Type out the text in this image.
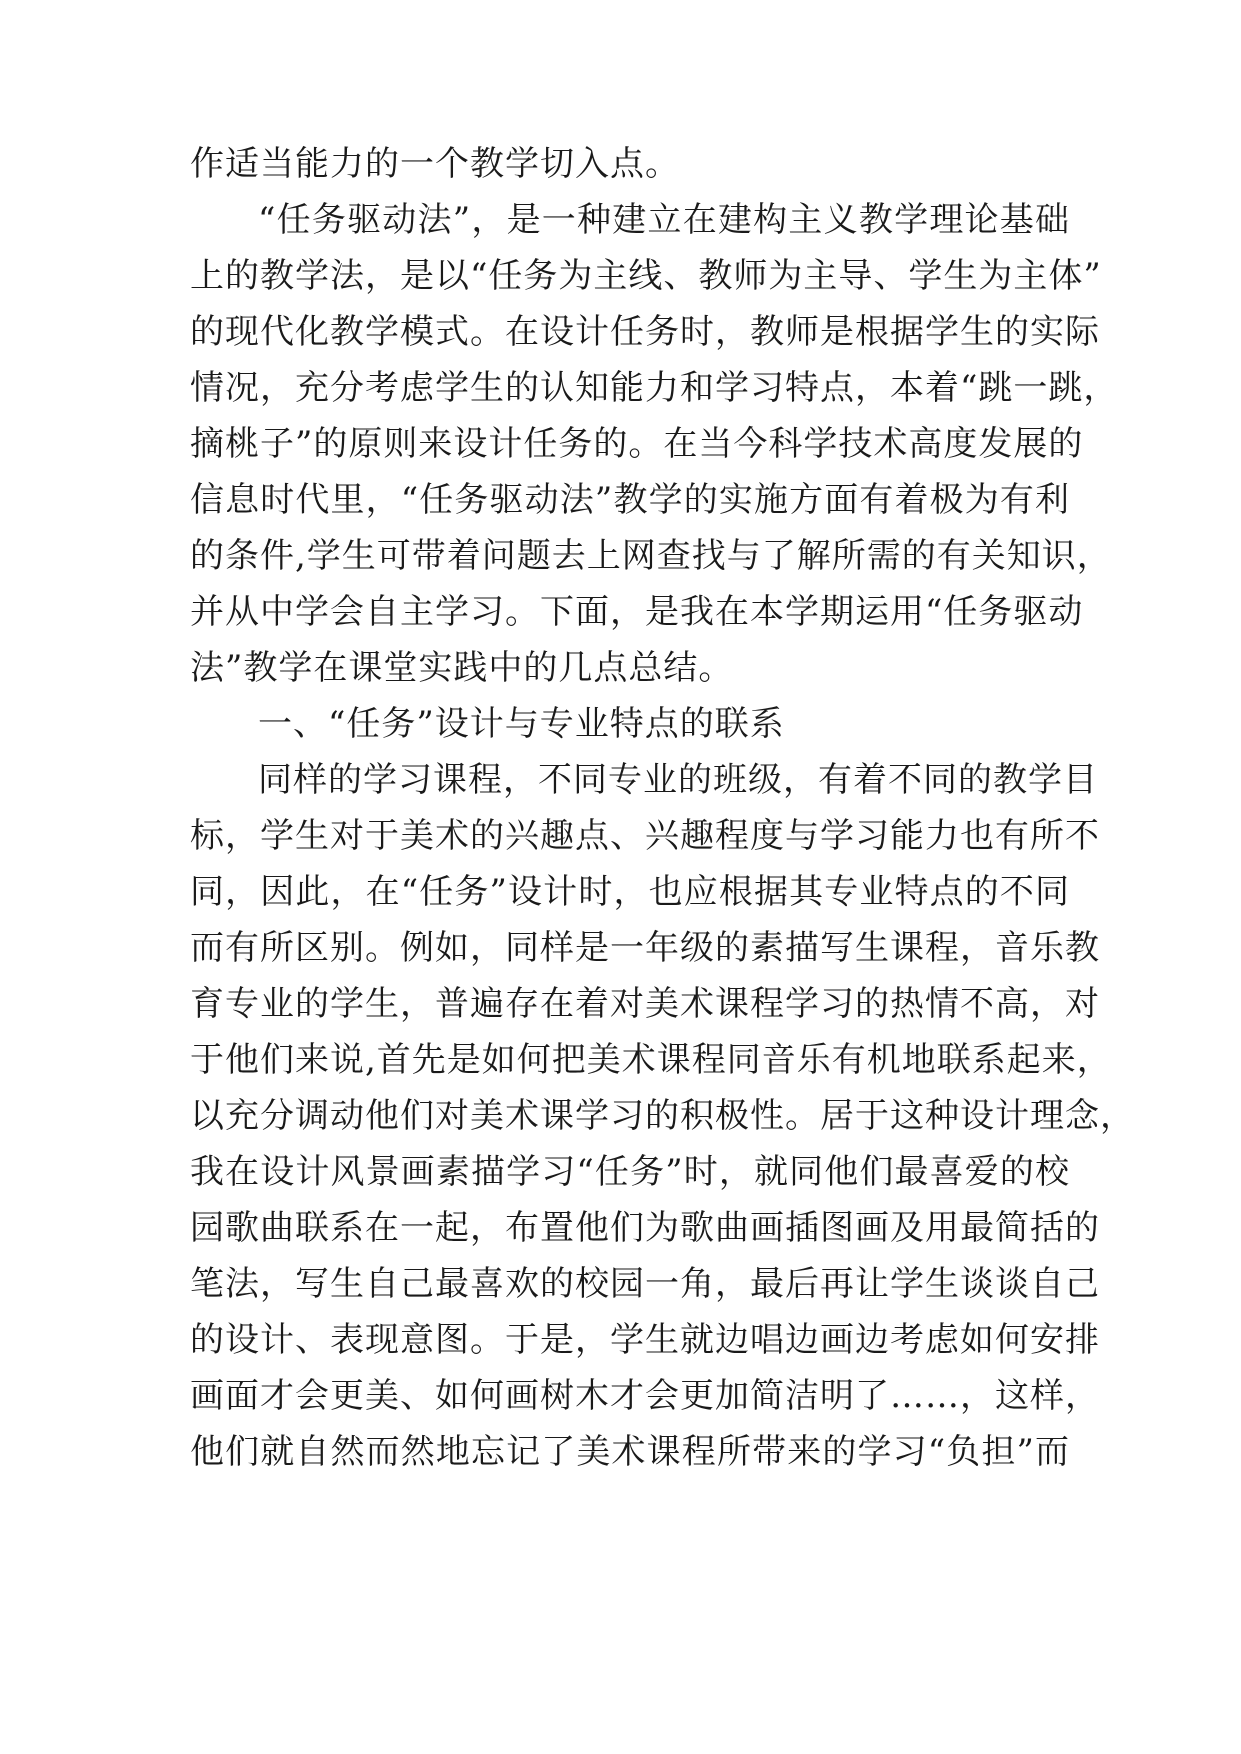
作适当能力的一个教学切入点。
“任务驱动法”，是一种建立在建构主义教学理论基础
上的教学法，是以“任务为主线、教师为主导、学生为主体”
的现代化教学模式。在设计任务时，教师是根据学生的实际
情况，充分考虑学生的认知能力和学习特点，本着“跳一跳，
摘桃子”的原则来设计任务的。在当今科学技术高度发展的
信息时代里，“任务驱动法”教学的实施方面有着极为有利
的条件,学生可带着问题去上网查找与了解所需的有关知识，
并从中学会自主学习。下面，是我在本学期运用“任务驱动
法”教学在课堂实践中的几点总结。
一、“任务”设计与专业特点的联系
同样的学习课程，不同专业的班级，有着不同的教学目
标，学生对于美术的兴趣点、兴趣程度与学习能力也有所不
同，因此，在“任务”设计时，也应根据其专业特点的不同
而有所区别。例如，同样是一年级的素描写生课程，音乐教
育专业的学生，普遍存在着对美术课程学习的热情不高，对
于他们来说,首先是如何把美术课程同音乐有机地联系起来，
以充分调动他们对美术课学习的积极性。居于这种设计理念，
我在设计风景画素描学习“任务”时，就同他们最喜爱的校
园歌曲联系在一起，布置他们为歌曲画插图画及用最简括的
笔法，写生自己最喜欢的校园一角，最后再让学生谈谈自己
的设计、表现意图。于是，学生就边唱边画边考虑如何安排
画面才会更美、如何画树木才会更加简洁明了……，这样，
他们就自然而然地忘记了美术课程所带来的学习“负担”而
